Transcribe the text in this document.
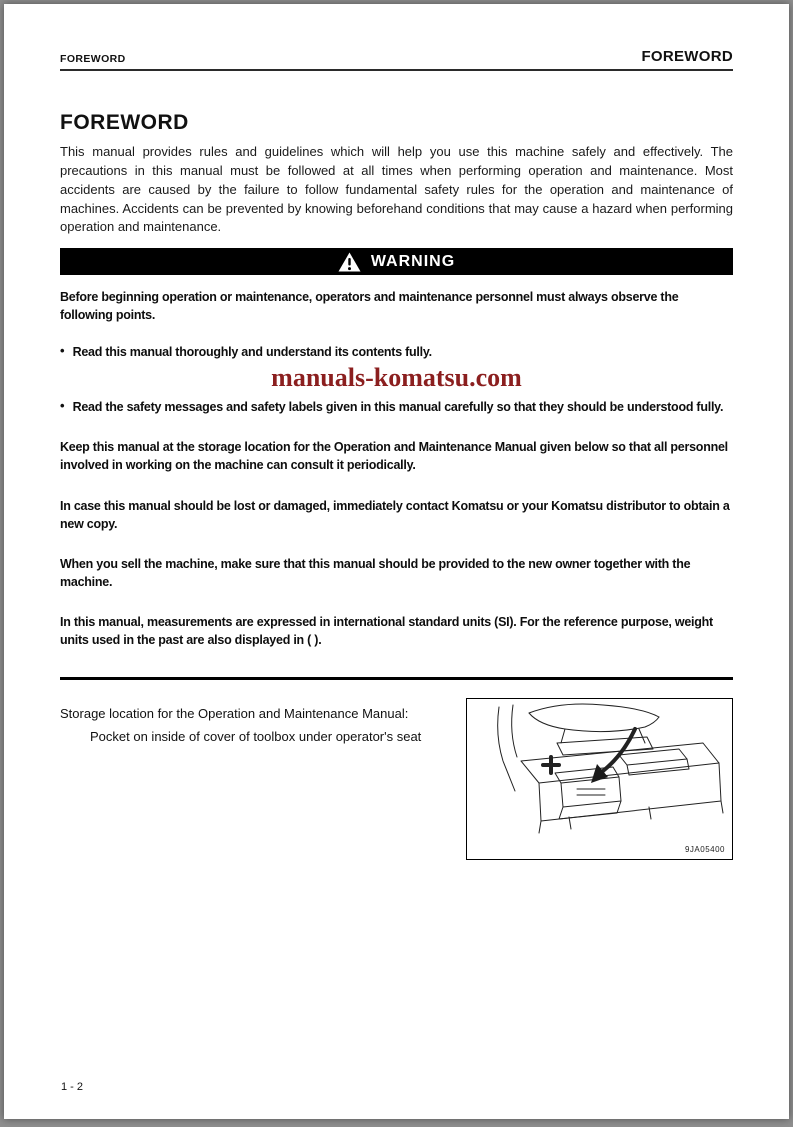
FOREWORD	FOREWORD
FOREWORD

This manual provides rules and guidelines which will help you use this machine safely and effectively. The precautions in this manual must be followed at all times when performing operation and maintenance. Most accidents are caused by the failure to follow fundamental safety rules for the operation and maintenance of machines. Accidents can be prevented by knowing beforehand conditions that may cause a hazard when performing operation and maintenance.

WARNING

Before beginning operation or maintenance, operators and maintenance personnel must always observe the following points.

•
Read this manual thoroughly and understand its contents fully.
manuals-komatsu.com
•
Read the safety messages and safety labels given in this manual carefully so that they should be understood fully.

Keep this manual at the storage location for the Operation and Maintenance Manual given below so that all personnel involved in working on the machine can consult it periodically.

In case this manual should be lost or damaged, immediately contact Komatsu or your Komatsu distributor to obtain a new copy.

When you sell the machine, make sure that this manual should be provided to the new owner together with the machine.

In this manual, measurements are expressed in international standard units (SI). For the reference purpose, weight units used in the past are also displayed in ( ).

Storage location for the Operation and Maintenance Manual:

Pocket on inside of cover of toolbox under operator's seat

9JA05400
1 - 2
